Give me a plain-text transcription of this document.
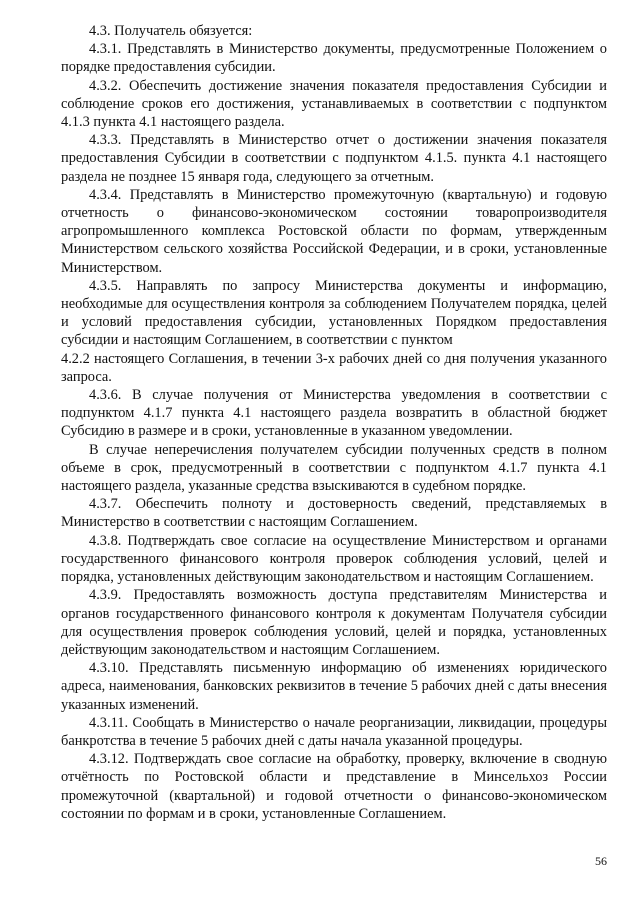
4.3. Получатель обязуется:

4.3.1. Представлять в Министерство документы, предусмотренные Положением о порядке предоставления субсидии.

4.3.2. Обеспечить достижение значения показателя предоставления Субсидии и соблюдение сроков его достижения, устанавливаемых в соответствии с подпунктом 4.1.3 пункта 4.1 настоящего раздела.

4.3.3. Представлять в Министерство отчет о достижении значения показателя предоставления Субсидии в соответствии с подпунктом 4.1.5. пункта 4.1 настоящего раздела не позднее 15 января года, следующего за отчетным.

4.3.4. Представлять в Министерство промежуточную (квартальную) и годовую отчетность о финансово-экономическом состоянии товаропроизводителя агропромышленного комплекса Ростовской области по формам, утвержденным Министерством сельского хозяйства Российской Федерации, и в сроки, установленные Министерством.

4.3.5. Направлять по запросу Министерства документы и информацию, необходимые для осуществления контроля за соблюдением Получателем порядка, целей и условий предоставления субсидии, установленных Порядком предоставления субсидии и настоящим Соглашением, в соответствии с пунктом

4.2.2 настоящего Соглашения, в течении 3-х рабочих дней со дня получения указанного запроса.

4.3.6. В случае получения от Министерства уведомления в соответствии с подпунктом 4.1.7 пункта 4.1 настоящего раздела возвратить в областной бюджет Субсидию в размере и в сроки, установленные в указанном уведомлении.

В случае неперечисления получателем субсидии полученных средств в полном объеме в срок, предусмотренный в соответствии с подпунктом 4.1.7 пункта 4.1 настоящего раздела, указанные средства взыскиваются в судебном порядке.

4.3.7. Обеспечить полноту и достоверность сведений, представляемых в Министерство в соответствии с настоящим Соглашением.

4.3.8. Подтверждать свое согласие на осуществление Министерством и органами государственного финансового контроля проверок соблюдения условий, целей и порядка, установленных действующим законодательством и настоящим Соглашением.

4.3.9. Предоставлять возможность доступа представителям Министерства и органов государственного финансового контроля к документам Получателя субсидии для осуществления проверок соблюдения условий, целей и порядка, установленных действующим законодательством и настоящим Соглашением.

4.3.10. Представлять письменную информацию об изменениях юридического адреса, наименования, банковских реквизитов в течение 5 рабочих дней с даты внесения указанных изменений.

4.3.11. Сообщать в Министерство о начале реорганизации, ликвидации, процедуры банкротства в течение 5 рабочих дней с даты начала указанной процедуры.

4.3.12. Подтверждать свое согласие на обработку, проверку, включение в сводную отчётность по Ростовской области и представление в Минсельхоз России промежуточной (квартальной) и годовой отчетности о финансово-экономическом состоянии по формам и в сроки, установленные Соглашением.

56
